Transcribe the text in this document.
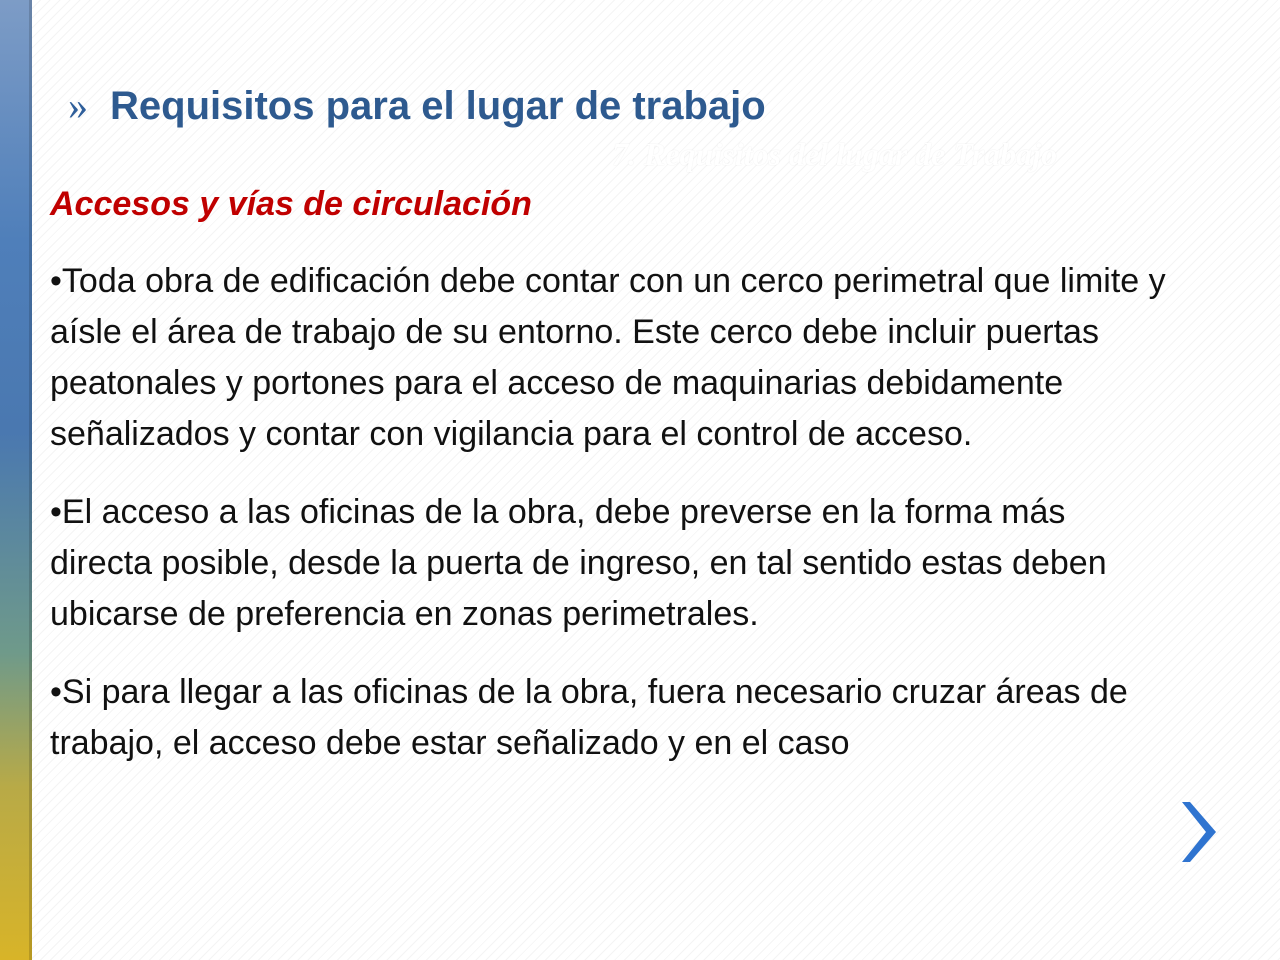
» Requisitos para el lugar de trabajo
7. Requisitos del lugar de Trabajo
Accesos y vías de circulación

•Toda obra de edificación debe contar con un cerco perimetral que limite y aísle el área de trabajo de su entorno. Este cerco debe incluir puertas peatonales y portones para el acceso de maquinarias debidamente señalizados y contar con vigilancia para el control de acceso.

•El acceso a las oficinas de la obra, debe preverse en la forma más directa posible, desde la puerta de ingreso, en tal sentido estas deben ubicarse de preferencia en zonas perimetrales.

•Si para llegar a las oficinas de la obra, fuera necesario cruzar áreas de trabajo, el acceso debe estar señalizado y en el caso
